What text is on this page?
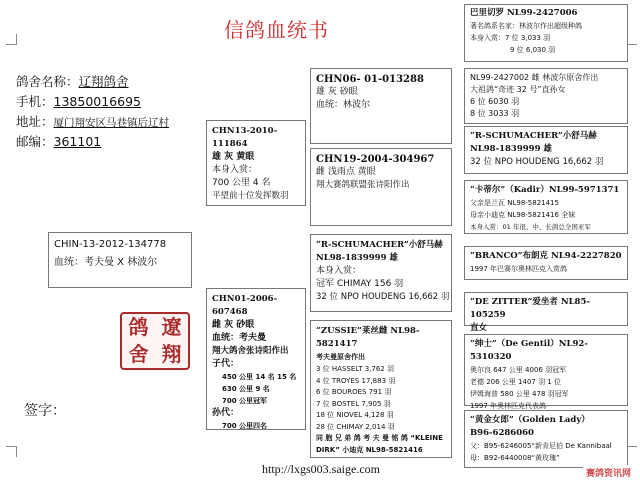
信鸽血统书
鸽舍名称：辽翔鸽舍
手机：13850016695
地址：厦门翔安区马巷镇后辽村
邮编：361101
CHIN-13-2012-134778
血统：考夫曼 X 林波尔
鸽 遼
舍 翔
签字：
CHN13-2010-111864
雄 灰 黄眼
本身入赏：
700 公里 4 名
平望前十位发挥数羽
CHN01-2006-607468
雌 灰 砂眼
血统：考夫曼
翔大鸽舍张诗阳作出
子代：
450 公里 14 名 15 名
630 公里 9 名
700 公里冠军
孙代：
700 公里四名
CHN06- 01-013288
雄 灰 砂眼
血统：林波尔
CHN19-2004-304967
雌 浅雨点 黄眼
翔大赛鸽联盟张诗阳作出
“R-SCHUMACHER”小舒马赫
NL98-1839999 雄
本身入赏：
冠军 CHIMAY 156 羽
32 位 NPO HOUDENG 16,662 羽
“ZUSSIE”莱丝雌 NL98-5821417
考夫曼原舍作出
3 位 HASSELT 3,762 羽
4 位 TROYES 17,883 羽
6 位 BOUROES 791 羽
7 位 BOSTEL 7,905 羽
18 位 NIOVEL 4,128 羽
28 位 CHIMAY 2,014 羽
同 胞 兄 弟 鸽 考 夫 曼 铭 鸽 “KLEINE
DIRK” 小迪克 NL98-5821416
巴里切罗 NL99-2427006
著名鸽系名家：林波尔作出超级种鸽
本身入赏：7 位 3,033 羽
9 位 6,030 羽
NL99-2427002 雌 林波尔原舍作出
大祖鸽“奇迹 32 号”直孙女
6 位 6030 羽
8 位 3033 羽
“R-SCHUMACHER”小舒马赫
NL98-1839999 雄
32 位 NPO HOUDENG 16,662 羽
“卡蒂尔”（Kadir）NL99-5971371
父亲是兰瓦 NL98-5821415
母亲小迪克 NL98-5821416 全妹
本身入赏：01 年很、中、长鸽总全国亚军
“BRANCO”布朗克 NL94-2227820
1997 年巴赛尔奥林匹克入赏鸽
“DE ZITTER”爱坐者 NL85-105259
直女
“绅士”（De Gentil）NL92-5310320
奥尔良 647 公里 4006 羽冠军
老德 206 公里 1407 羽 1 位
伊姆海普 580 公里 478 羽冠军
1997 年奥林匹克代表鸽
“黄金女郎”（Golden Lady）
B96-6286060
父：B95-6246005“新肯尼伯 De Kannibaal
母：B92-6440008“黄玫瑰”
http://lxgs003.saige.com	赛鸽资讯网
